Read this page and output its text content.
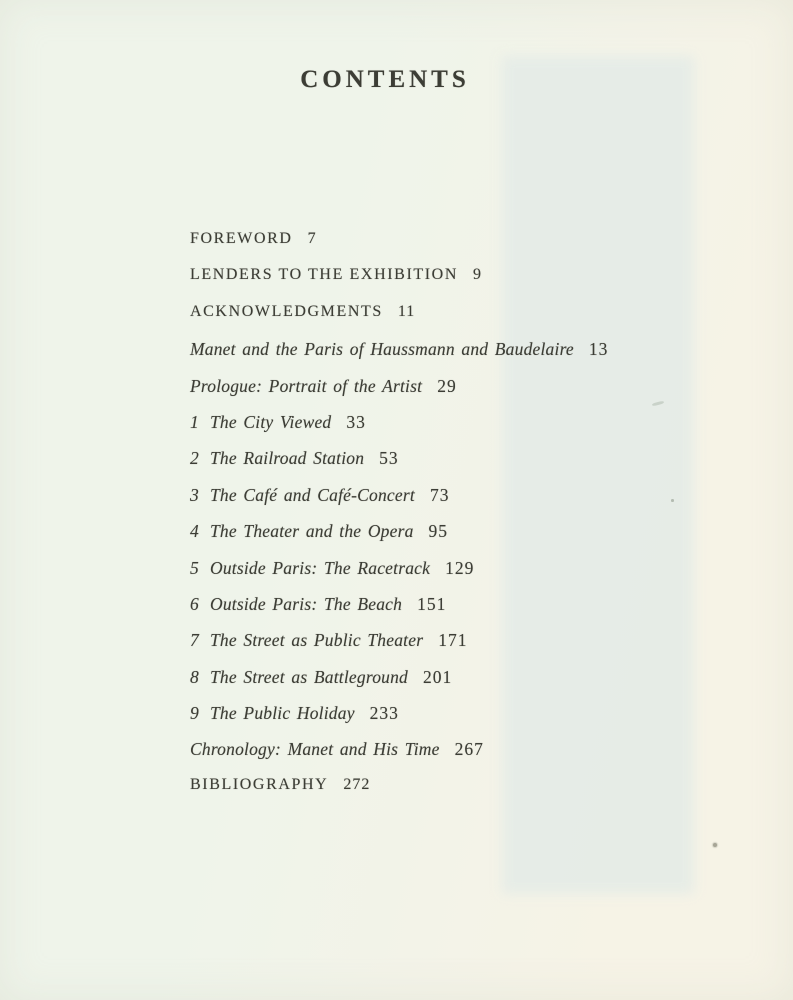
CONTENTS
FOREWORD 7
LENDERS TO THE EXHIBITION 9
ACKNOWLEDGMENTS 11
Manet and the Paris of Haussmann and Baudelaire 13
Prologue: Portrait of the Artist 29
1 The City Viewed 33
2 The Railroad Station 53
3 The Café and Café-Concert 73
4 The Theater and the Opera 95
5 Outside Paris: The Racetrack 129
6 Outside Paris: The Beach 151
7 The Street as Public Theater 171
8 The Street as Battleground 201
9 The Public Holiday 233
Chronology: Manet and His Time 267
BIBLIOGRAPHY 272
